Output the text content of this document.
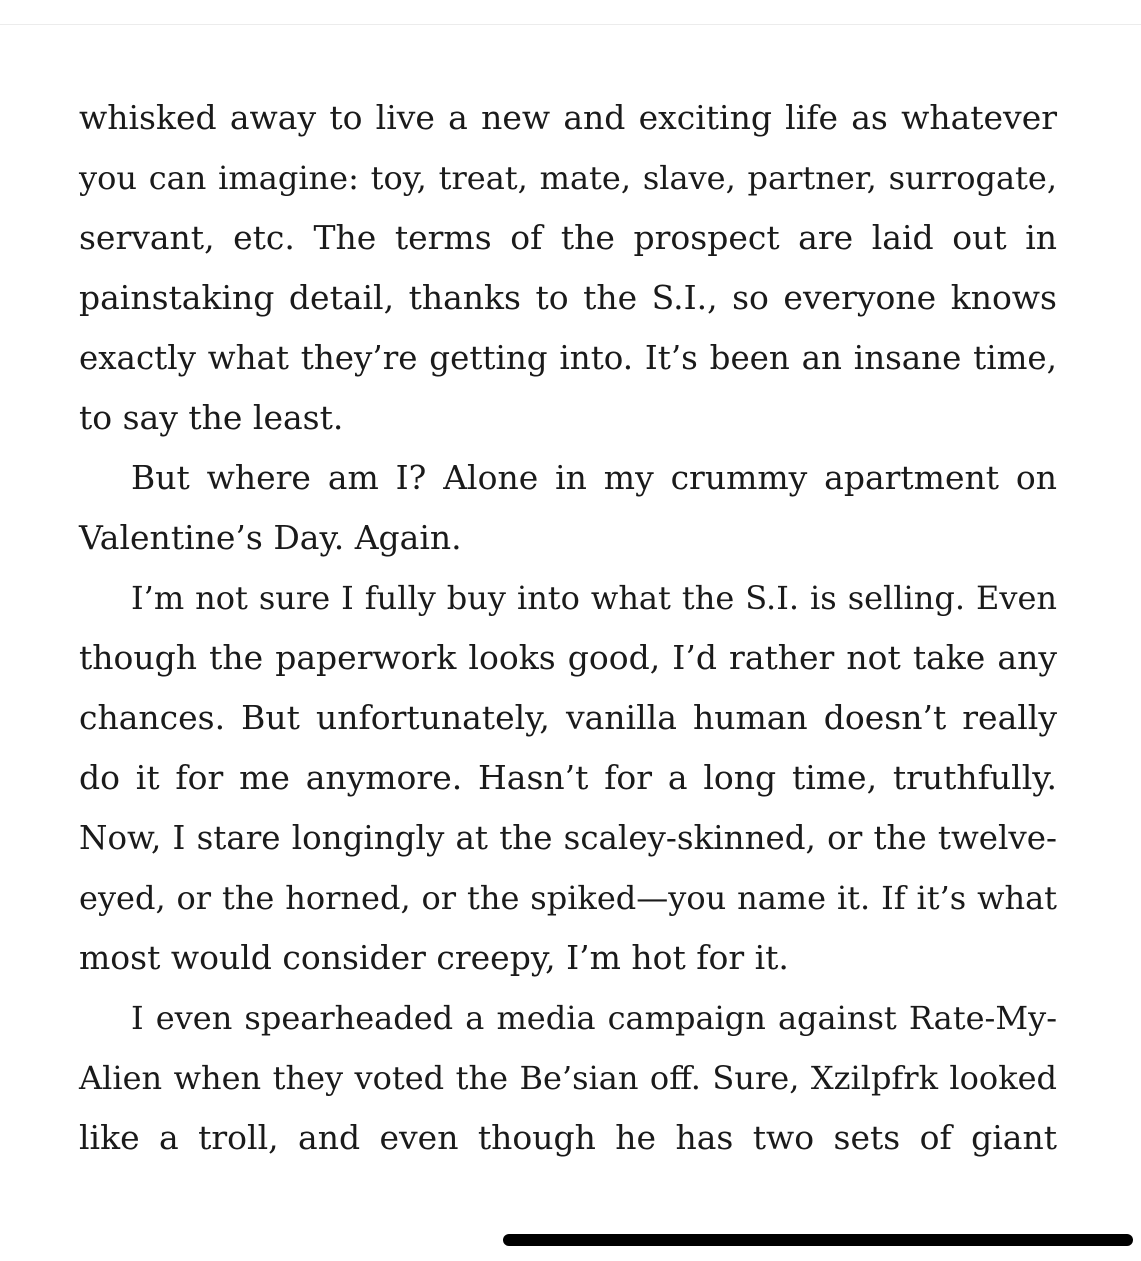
whisked away to live a new and exciting life as whatever
you can imagine: toy, treat, mate, slave, partner, surrogate,
servant, etc. The terms of the prospect are laid out in
painstaking detail, thanks to the S.I., so everyone knows
exactly what they’re getting into. It’s been an insane time,
to say the least.
But where am I? Alone in my crummy apartment on
Valentine’s Day. Again.
I’m not sure I fully buy into what the S.I. is selling. Even
though the paperwork looks good, I’d rather not take any
chances. But unfortunately, vanilla human doesn’t really
do it for me anymore. Hasn’t for a long time, truthfully.
Now, I stare longingly at the scaley-skinned, or the twelve-
eyed, or the horned, or the spiked—you name it. If it’s what
most would consider creepy, I’m hot for it.
I even spearheaded a media campaign against Rate-My-
Alien when they voted the Be’sian off. Sure, Xzilpfrk looked
like a troll, and even though he has two sets of giant
